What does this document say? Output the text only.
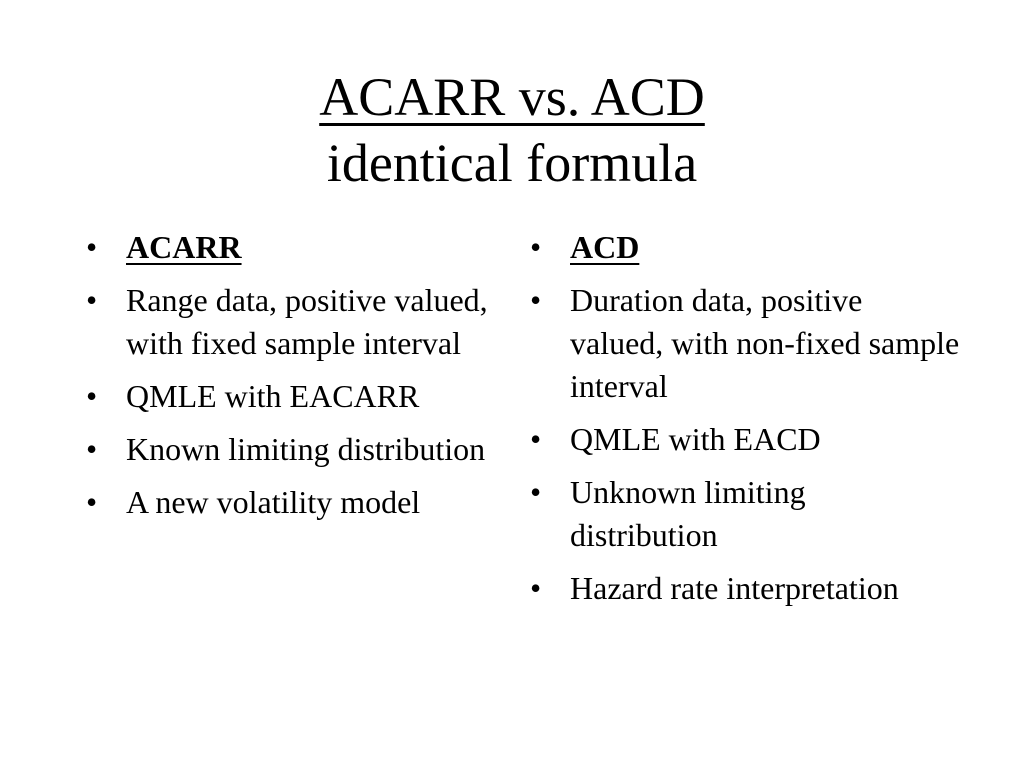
ACARR vs. ACD
identical formula
• ACARR
• Range data, positive valued, with fixed sample interval
• QMLE with EACARR
• Known limiting distribution
• A new volatility model
• ACD
• Duration data, positive valued, with non-fixed sample interval
• QMLE with EACD
• Unknown limiting distribution
• Hazard rate interpretation
